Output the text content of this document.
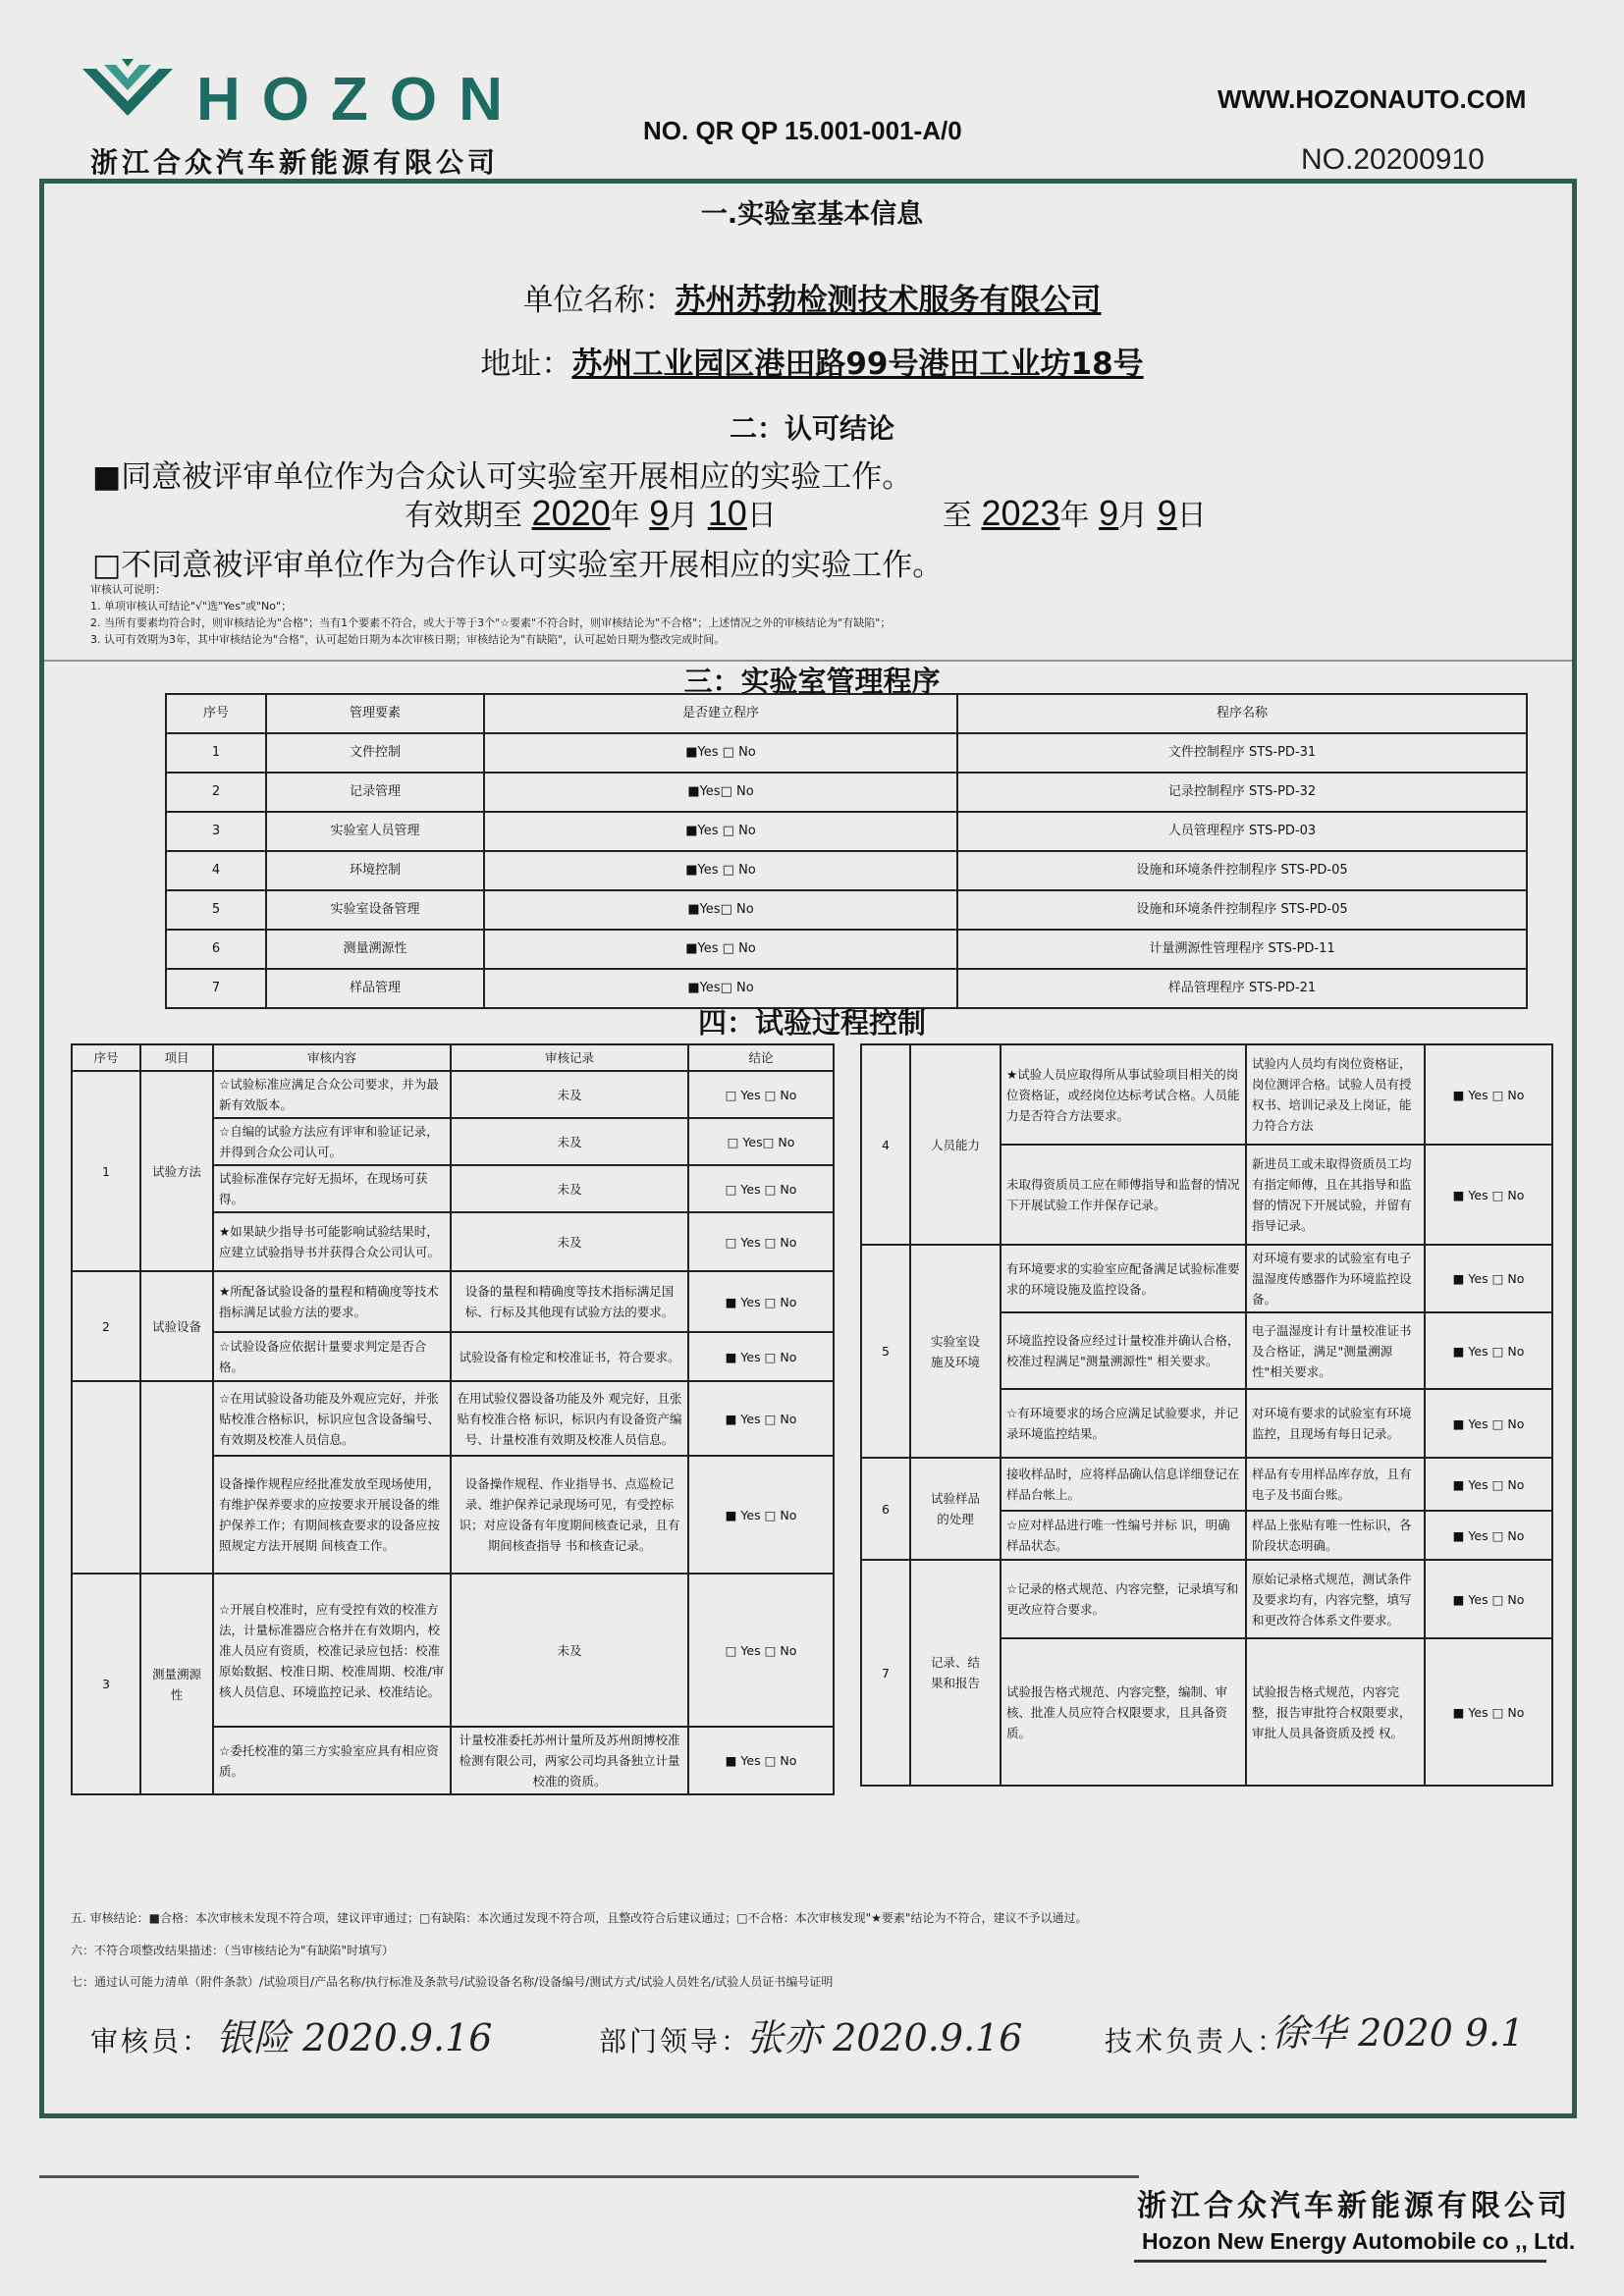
HOZON
浙江合众汽车新能源有限公司
NO. QR QP 15.001-001-A/0
WWW.HOZONAUTO.COM
NO.20200910
一.实验室基本信息
单位名称：苏州苏勃检测技术服务有限公司
地址：苏州工业园区港田路99号港田工业坊18号
二：认可结论
■同意被评审单位作为合众认可实验室开展相应的实验工作。
有效期至 2020年 9月 10日	至 2023年 9月 9日
□不同意被评审单位作为合作认可实验室开展相应的实验工作。
审核认可说明：
1. 单项审核认可结论"√"选"Yes"或"No"；
2. 当所有要素均符合时，则审核结论为"合格"；当有1个要素不符合，或大于等于3个"☆要素"不符合时，则审核结论为"不合格"；上述情况之外的审核结论为"有缺陷"；
3. 认可有效期为3年，其中审核结论为"合格"，认可起始日期为本次审核日期；审核结论为"有缺陷"，认可起始日期为整改完成时间。
三：实验室管理程序
序号	管理要素	是否建立程序	程序名称
1	文件控制	■Yes □ No	文件控制程序 STS-PD-31
2	记录管理	■Yes□ No	记录控制程序 STS-PD-32
3	实验室人员管理	■Yes □ No	人员管理程序 STS-PD-03
4	环境控制	■Yes □ No	设施和环境条件控制程序 STS-PD-05
5	实验室设备管理	■Yes□ No	设施和环境条件控制程序 STS-PD-05
6	测量溯源性	■Yes □ No	计量溯源性管理程序 STS-PD-11
7	样品管理	■Yes□ No	样品管理程序 STS-PD-21
四：试验过程控制
序号	项目	审核内容	审核记录	结论
1	试验方法	☆试验标准应满足合众公司要求，并为最新有效版本。	未及	□ Yes □ No
		☆自编的试验方法应有评审和验证记录，并得到合众公司认可。	未及	□ Yes□ No
		试验标准保存完好无损坏，在现场可获得。	未及	□ Yes □ No
		★如果缺少指导书可能影响试验结果时，应建立试验指导书并获得合众公司认可。	未及	□ Yes □ No
2	试验设备	★所配备试验设备的量程和精确度等技术指标满足试验方法的要求。	设备的量程和精确度等技术指标满足国标、行标及其他现有试验方法的要求。	■ Yes □ No
		☆试验设备应依据计量要求判定是否合格。	试验设备有检定和校准证书，符合要求。	■ Yes □ No
		☆在用试验设备功能及外观应完好，并张贴校准合格标识，标识应包含设备编号、有效期及校准人员信息。	在用试验仪器设备功能及外 观完好，且张贴有校准合格 标识，标识内有设备资产编 号、计量校准有效期及校准人员信息。	■ Yes □ No
		设备操作规程应经批准发放至现场使用，有维护保养要求的应按要求开展设备的维护保养工作；有期间核查要求的设备应按照规定方法开展期 间核查工作。	设备操作规程、作业指导书、点巡检记录、维护保养记录现场可见，有受控标识；对应设备有年度期间核查记录，且有期间核查指导 书和核查记录。	■ Yes □ No
3	测量溯源性	☆开展自校准时，应有受控有效的校准方法，计量标准器应合格并在有效期内，校准人员应有资质，校准记录应包括：校准原始数据、校准日期、校准周期、校准/审核人员信息、环境监控记录、校准结论。	未及	□ Yes □ No
		☆委托校准的第三方实验室应具有相应资质。	计量校准委托苏州计量所及苏州朗博校准检测有限公司，两家公司均具备独立计量校准的资质。	■ Yes □ No
4	人员能力	★试验人员应取得所从事试验项目相关的岗位资格证，或经岗位达标考试合格。人员能力是否符合方法要求。	试验内人员均有岗位资格证，岗位测评合格。试验人员有授权书、培训记录及上岗证，能力符合方法	■ Yes □ No
		未取得资质员工应在师傅指导和监督的情况下开展试验工作并保存记录。	新进员工或未取得资质员工均有指定师傅，且在其指导和监督的情况下开展试验，并留有指导记录。	■ Yes □ No
5	实验室设施及环境	有环境要求的实验室应配备满足试验标准要求的环境设施及监控设备。	对环境有要求的试验室有电子温湿度传感器作为环境监控设备。	■ Yes □ No
		环境监控设备应经过计量校准并确认合格，校准过程满足"测量溯源性" 相关要求。	电子温湿度计有计量校准证书及合格证，满足"测量溯源性"相关要求。	■ Yes □ No
		☆有环境要求的场合应满足试验要求，并记录环境监控结果。	对环境有要求的试验室有环境监控，且现场有每日记录。	■ Yes □ No
6	试验样品的处理	接收样品时，应将样品确认信息详细登记在样品台帐上。	样品有专用样品库存放，且有电子及书面台账。	■ Yes □ No
		☆应对样品进行唯一性编号并标 识，明确样品状态。	样品上张贴有唯一性标识，各阶段状态明确。	■ Yes □ No
7	记录、结果和报告	☆记录的格式规范、内容完整，记录填写和更改应符合要求。	原始记录格式规范，测试条件及要求均有，内容完整，填写和更改符合体系文件要求。	■ Yes □ No
		试验报告格式规范、内容完整，编制、审核、批准人员应符合权限要求，且具备资质。	试验报告格式规范，内容完整，报告审批符合权限要求，审批人员具备资质及授 权。	■ Yes □ No
五. 审核结论：■合格：本次审核未发现不符合项，建议评审通过；□有缺陷：本次通过发现不符合项，且整改符合后建议通过；□不合格：本次审核发现"★要素"结论为不符合，建议不予以通过。
六：不符合项整改结果描述：（当审核结论为"有缺陷"时填写）
七：通过认可能力清单（附件条款）/试验项目/产品名称/执行标准及条款号/试验设备名称/设备编号/测试方式/试验人员姓名/试验人员证书编号证明
审核员： 银险 2020.9.16	部门领导：
张亦 2020.9.16	技术负责人：
徐华 2020 9.1
浙江合众汽车新能源有限公司
Hozon New Energy Automobile co ,, Ltd.
